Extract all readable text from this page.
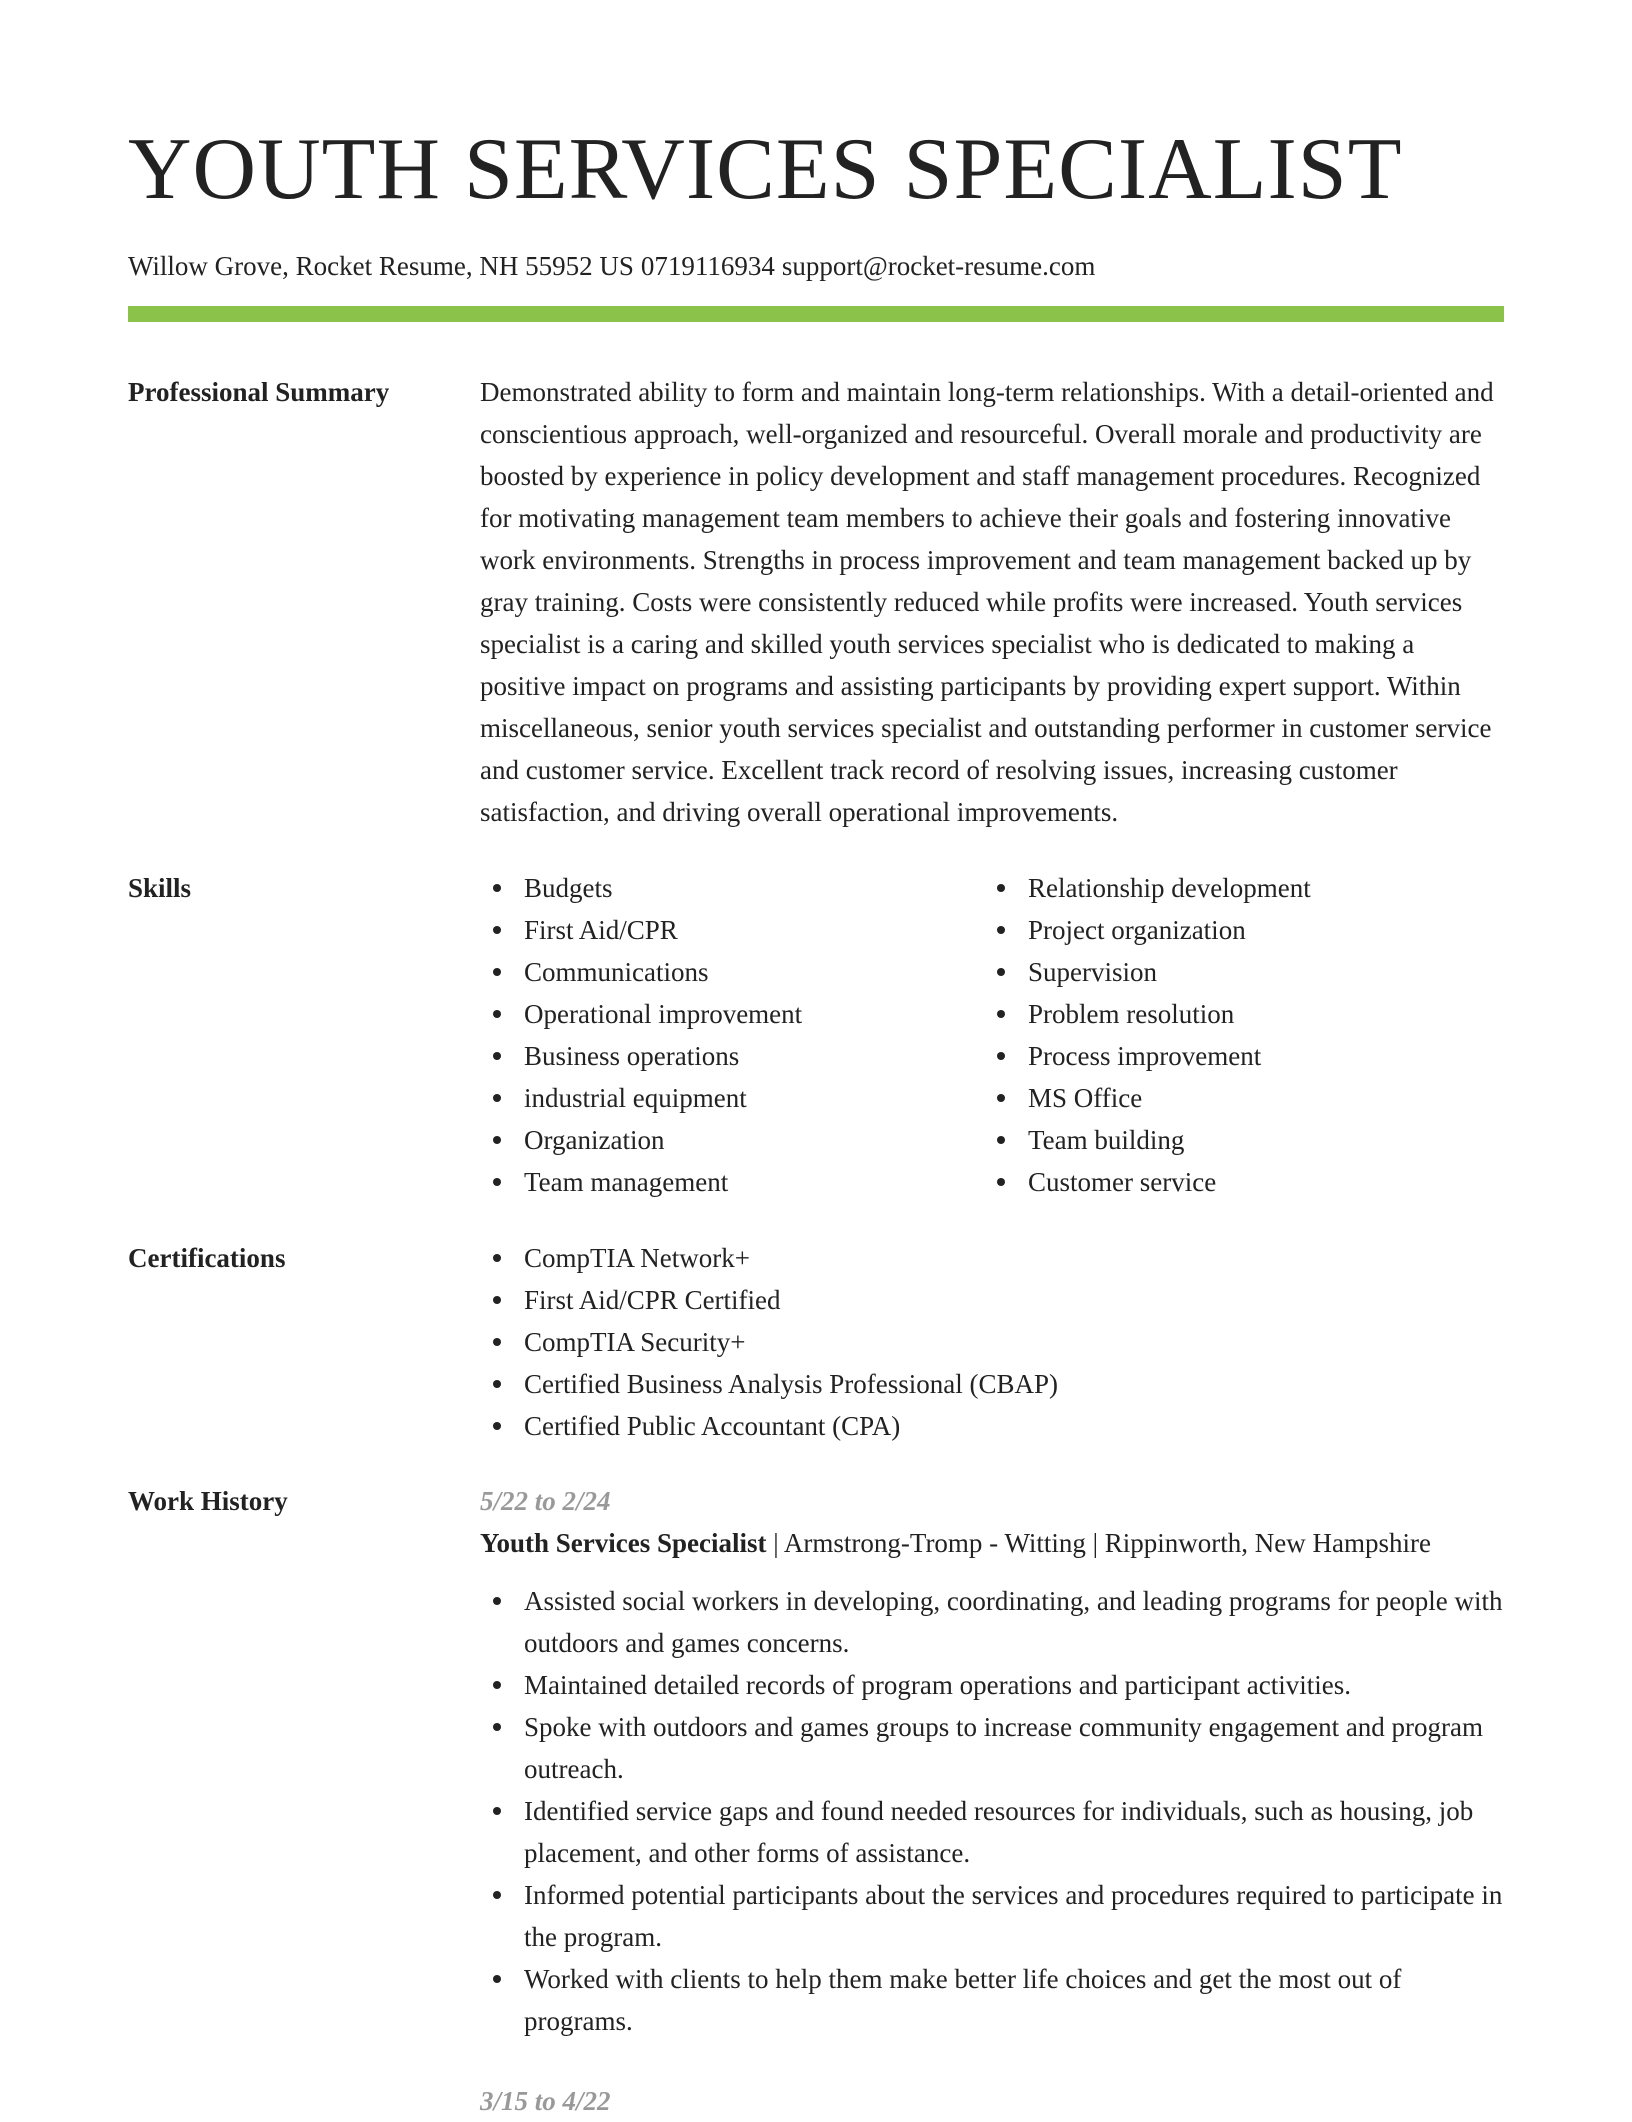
YOUTH SERVICES SPECIALIST
Willow Grove, Rocket Resume, NH 55952 US 0719116934 support@rocket-resume.com
Professional Summary	Demonstrated ability to form and maintain long-term relationships. With a detail-oriented and conscientious approach, well-organized and resourceful. Overall morale and productivity are boosted by experience in policy development and staff management procedures. Recognized for motivating management team members to achieve their goals and fostering innovative work environments. Strengths in process improvement and team management backed up by gray training. Costs were consistently reduced while profits were increased. Youth services specialist is a caring and skilled youth services specialist who is dedicated to making a positive impact on programs and assisting participants by providing expert support. Within miscellaneous, senior youth services specialist and outstanding performer in customer service and customer service. Excellent track record of resolving issues, increasing customer satisfaction, and driving overall operational improvements.

Skills	Budgets
First Aid/CPR
Communications
Operational improvement
Business operations
industrial equipment
Organization
Team management
Relationship development
Project organization
Supervision
Problem resolution
Process improvement
MS Office
Team building
Customer service
Certifications	CompTIA Network+
First Aid/CPR Certified
CompTIA Security+
Certified Business Analysis Professional (CBAP)
Certified Public Accountant (CPA)
Work History	5/22 to 2/24
Youth Services Specialist | Armstrong-Tromp - Witting | Rippinworth, New Hampshire
Assisted social workers in developing, coordinating, and leading programs for people with outdoors and games concerns.
Maintained detailed records of program operations and participant activities.
Spoke with outdoors and games groups to increase community engagement and program outreach.
Identified service gaps and found needed resources for individuals, such as housing, job placement, and other forms of assistance.
Informed potential participants about the services and procedures required to participate in the program.
Worked with clients to help them make better life choices and get the most out of programs.
3/15 to 4/22
